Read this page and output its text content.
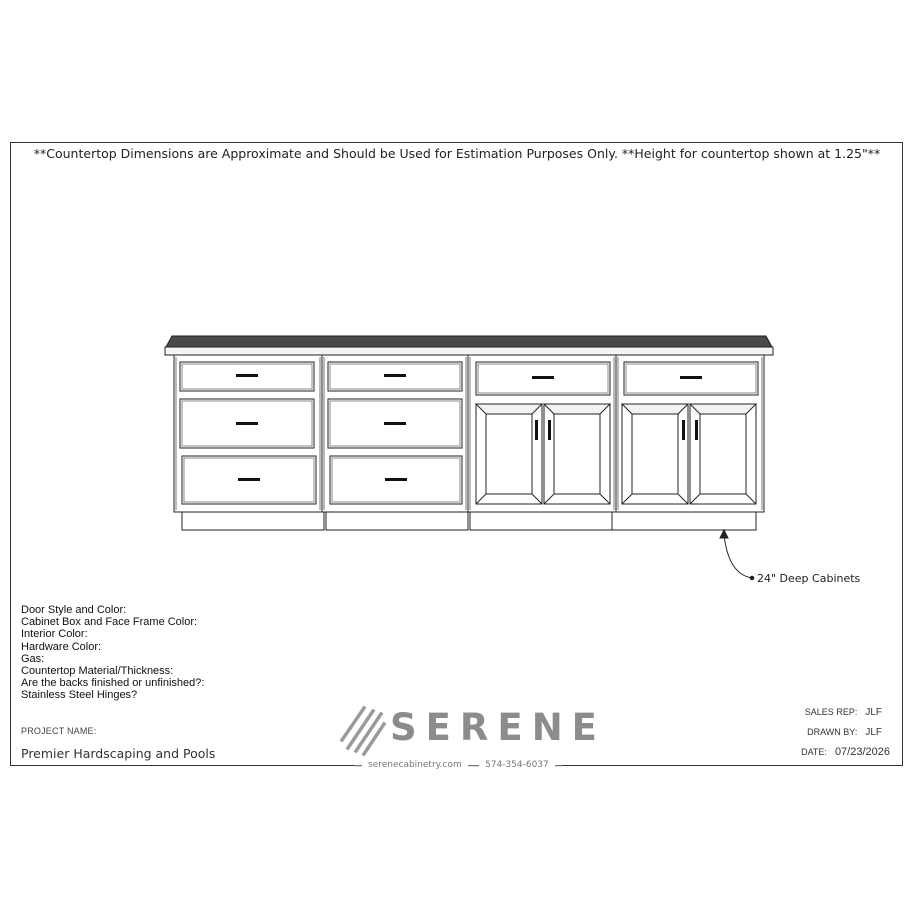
**Countertop Dimensions are Approximate and Should be Used for Estimation Purposes Only. **Height for countertop shown at 1.25"**
24" Deep Cabinets
Door Style and Color:
Cabinet Box and Face Frame Color:
Interior Color:
Hardware Color:
Gas:
Countertop Material/Thickness:
Are the backs finished or unfinished?:
Stainless Steel Hinges?
PROJECT NAME:
Premier Hardscaping and Pools
SERENE
serenecabinetry.com	574-354-6037
SALES REP: JLF
DRAWN BY: JLF
DATE: 07/23/2026
